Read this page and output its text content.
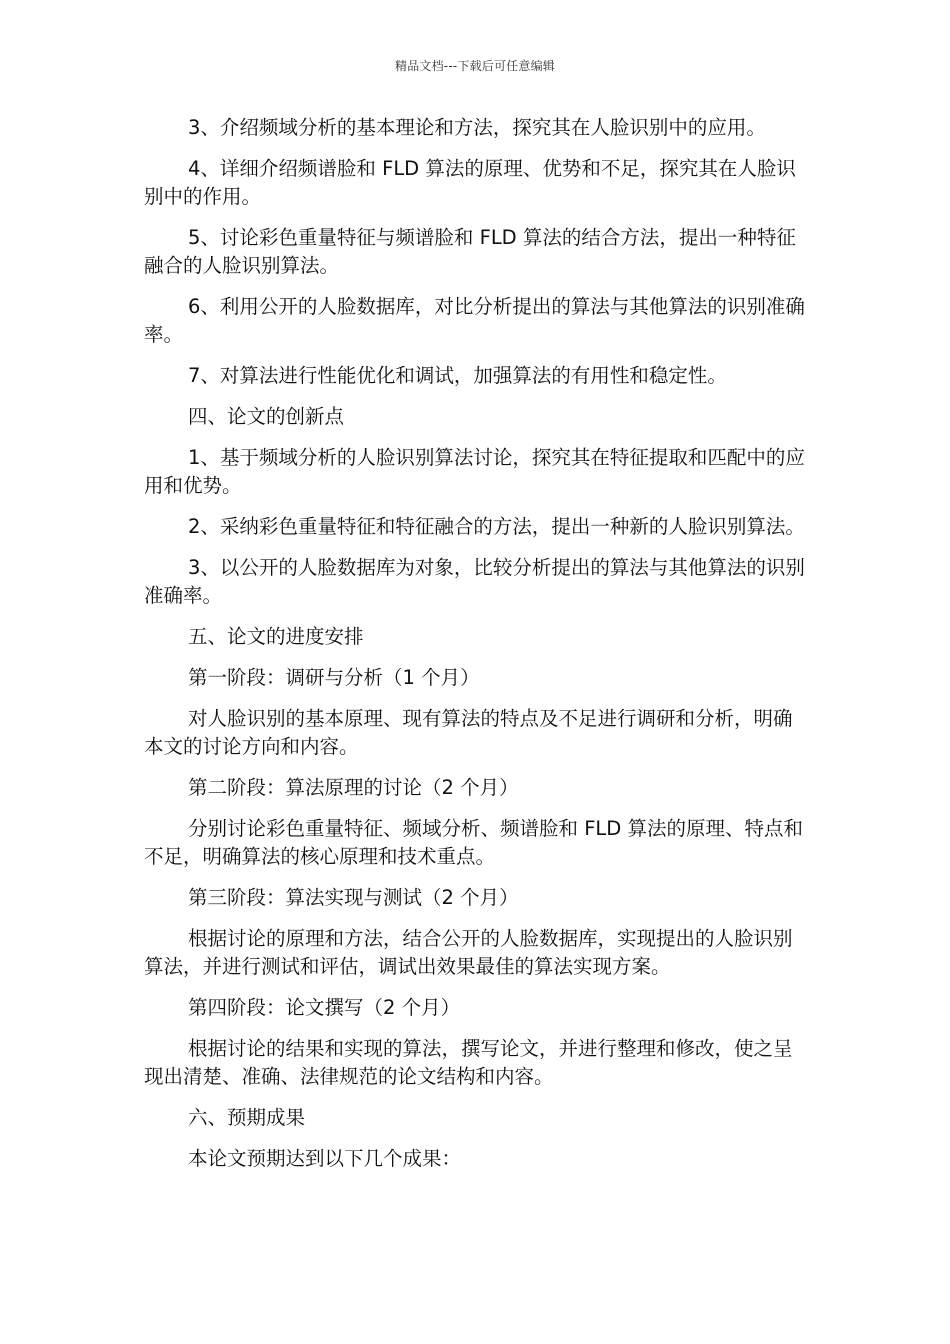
精品文档---下载后可任意编辑

3、介绍频域分析的基本理论和方法，探究其在人脸识别中的应用。

4、详细介绍频谱脸和 FLD 算法的原理、优势和不足，探究其在人脸识别中的作用。

5、讨论彩色重量特征与频谱脸和 FLD 算法的结合方法，提出一种特征融合的人脸识别算法。

6、利用公开的人脸数据库，对比分析提出的算法与其他算法的识别准确率。

7、对算法进行性能优化和调试，加强算法的有用性和稳定性。

四、论文的创新点

1、基于频域分析的人脸识别算法讨论，探究其在特征提取和匹配中的应用和优势。

2、采纳彩色重量特征和特征融合的方法，提出一种新的人脸识别算法。

3、以公开的人脸数据库为对象，比较分析提出的算法与其他算法的识别准确率。

五、论文的进度安排

第一阶段：调研与分析（1 个月）

对人脸识别的基本原理、现有算法的特点及不足进行调研和分析，明确本文的讨论方向和内容。

第二阶段：算法原理的讨论（2 个月）

分别讨论彩色重量特征、频域分析、频谱脸和 FLD 算法的原理、特点和不足，明确算法的核心原理和技术重点。

第三阶段：算法实现与测试（2 个月）

根据讨论的原理和方法，结合公开的人脸数据库，实现提出的人脸识别算法，并进行测试和评估，调试出效果最佳的算法实现方案。

第四阶段：论文撰写（2 个月）

根据讨论的结果和实现的算法，撰写论文，并进行整理和修改，使之呈现出清楚、准确、法律规范的论文结构和内容。

六、预期成果

本论文预期达到以下几个成果：
